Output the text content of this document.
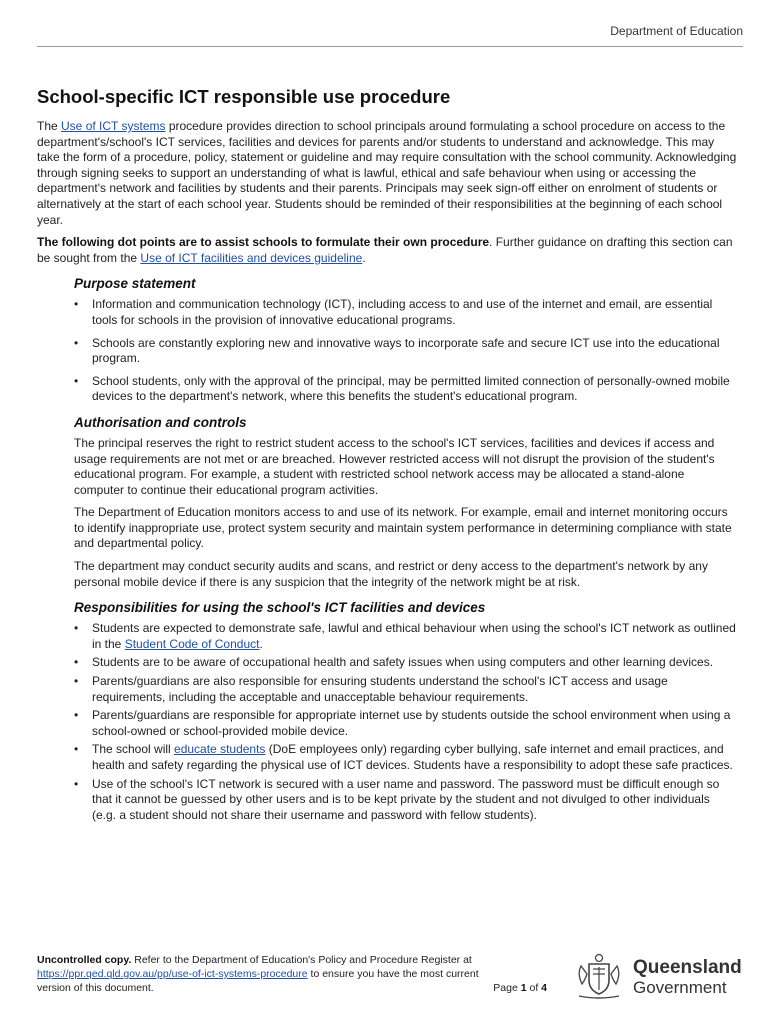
Department of Education
School-specific ICT responsible use procedure

The Use of ICT systems procedure provides direction to school principals around formulating a school procedure on access to the department's/school's ICT services, facilities and devices for parents and/or students to understand and acknowledge. This may take the form of a procedure, policy, statement or guideline and may require consultation with the school community. Acknowledging through signing seeks to support an understanding of what is lawful, ethical and safe behaviour when using or accessing the department's network and facilities by students and their parents. Principals may seek sign-off either on enrolment of students or alternatively at the start of each school year. Students should be reminded of their responsibilities at the beginning of each school year.

The following dot points are to assist schools to formulate their own procedure. Further guidance on drafting this section can be sought from the Use of ICT facilities and devices guideline.

Purpose statement
• Information and communication technology (ICT), including access to and use of the internet and email, are essential tools for schools in the provision of innovative educational programs.
• Schools are constantly exploring new and innovative ways to incorporate safe and secure ICT use into the educational program.
• School students, only with the approval of the principal, may be permitted limited connection of personally-owned mobile devices to the department's network, where this benefits the student's educational program.
Authorisation and controls

The principal reserves the right to restrict student access to the school's ICT services, facilities and devices if access and usage requirements are not met or are breached. However restricted access will not disrupt the provision of the student's educational program. For example, a student with restricted school network access may be allocated a stand-alone computer to continue their educational program activities.

The Department of Education monitors access to and use of its network. For example, email and internet monitoring occurs to identify inappropriate use, protect system security and maintain system performance in determining compliance with state and departmental policy.

The department may conduct security audits and scans, and restrict or deny access to the department's network by any personal mobile device if there is any suspicion that the integrity of the network might be at risk.

Responsibilities for using the school's ICT facilities and devices
• Students are expected to demonstrate safe, lawful and ethical behaviour when using the school's ICT network as outlined in the Student Code of Conduct.
• Students are to be aware of occupational health and safety issues when using computers and other learning devices.
• Parents/guardians are also responsible for ensuring students understand the school's ICT access and usage requirements, including the acceptable and unacceptable behaviour requirements.
• Parents/guardians are responsible for appropriate internet use by students outside the school environment when using a school-owned or school-provided mobile device.
• The school will educate students (DoE employees only) regarding cyber bullying, safe internet and email practices, and health and safety regarding the physical use of ICT devices. Students have a responsibility to adopt these safe practices.
• Use of the school's ICT network is secured with a user name and password. The password must be difficult enough so that it cannot be guessed by other users and is to be kept private by the student and not divulged to other individuals (e.g. a student should not share their username and password with fellow students).

Uncontrolled copy. Refer to the Department of Education's Policy and Procedure Register at

https://ppr.qed.qld.gov.au/pp/use-of-ict-systems-procedure to ensure you have the most current

version of this document.	Page 1 of 4

Queensland
Government
